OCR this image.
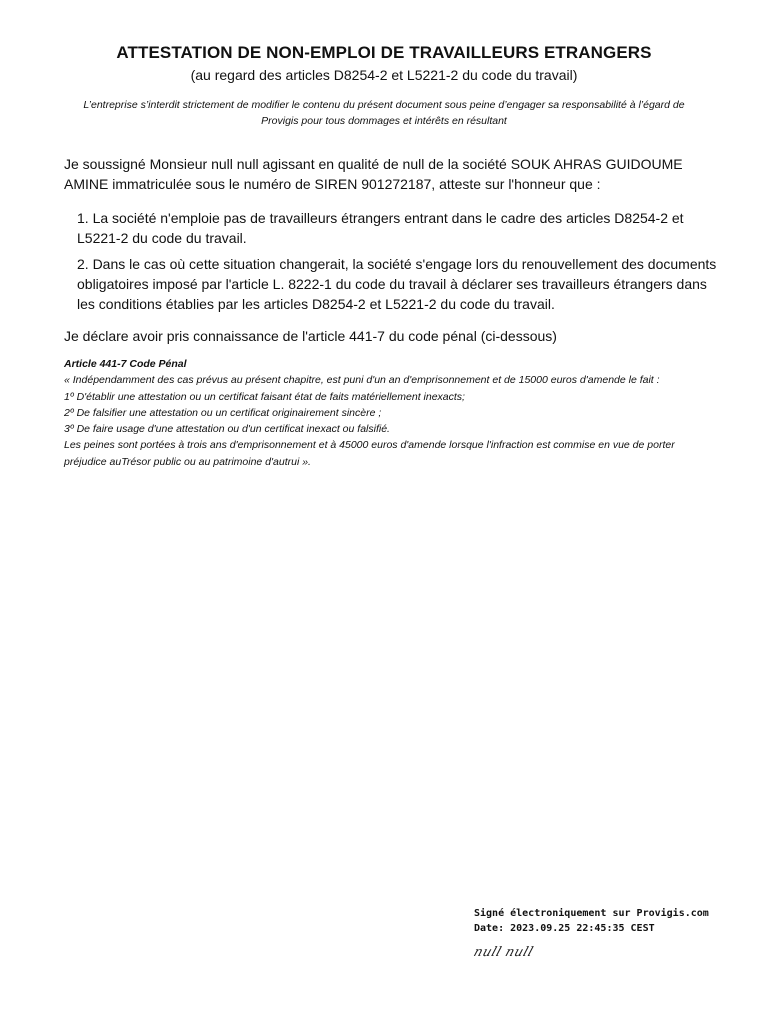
ATTESTATION DE NON-EMPLOI DE TRAVAILLEURS ETRANGERS
(au regard des articles D8254-2 et L5221-2 du code du travail)
L’entreprise s’interdit strictement de modifier le contenu du présent document sous peine d’engager sa responsabilité à l’égard de Provigis pour tous dommages et intérêts en résultant
Je soussigné Monsieur null null agissant en qualité de null de la société SOUK AHRAS GUIDOUME AMINE immatriculée sous le numéro de SIREN 901272187, atteste sur l'honneur que :
1. La société n'emploie pas de travailleurs étrangers entrant dans le cadre des articles D8254-2 et L5221-2 du code du travail.
2. Dans le cas où cette situation changerait, la société s'engage lors du renouvellement des documents obligatoires imposé par l'article L. 8222-1 du code du travail à déclarer ses travailleurs étrangers dans les conditions établies par les articles D8254-2 et L5221-2 du code du travail.
Je déclare avoir pris connaissance de l'article 441-7 du code pénal (ci-dessous)

Article 441-7 Code Pénal

« Indépendamment des cas prévus au présent chapitre, est puni d'un an d'emprisonnement et de 15000 euros d'amende le fait :

1º D'établir une attestation ou un certificat faisant état de faits matériellement inexacts;

2º De falsifier une attestation ou un certificat originairement sincère ;

3º De faire usage d'une attestation ou d'un certificat inexact ou falsifié.

Les peines sont portées à trois ans d'emprisonnement et à 45000 euros d'amende lorsque l'infraction est commise en vue de porter préjudice auTrésor public ou au patrimoine d'autrui ».

Signé électroniquement sur Provigis.com
Date: 2023.09.25 22:45:35 CEST
null null
